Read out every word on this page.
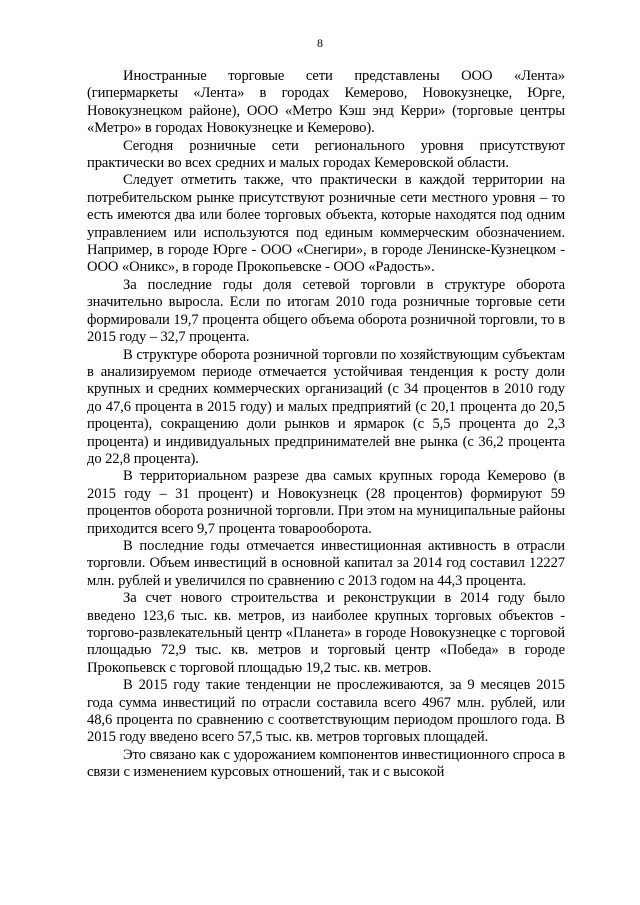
8

Иностранные торговые сети представлены ООО «Лента» (гипермаркеты «Лента» в городах Кемерово, Новокузнецке, Юрге, Новокузнецком районе), ООО «Метро Кэш энд Керри» (торговые центры «Метро» в городах Новокузнецке и Кемерово).

Сегодня розничные сети регионального уровня присутствуют практически во всех средних и малых городах Кемеровской области.

Следует отметить также, что практически в каждой территории на потребительском рынке присутствуют розничные сети местного уровня – то есть имеются два или более торговых объекта, которые находятся под одним управлением или используются под единым коммерческим обозначением. Например, в городе Юрге - ООО «Снегири», в городе Ленинске-Кузнецком - ООО «Оникс», в городе Прокопьевске - ООО «Радость».

За последние годы доля сетевой торговли в структуре оборота значительно выросла. Если по итогам 2010 года розничные торговые сети формировали 19,7 процента общего объема оборота розничной торговли, то в 2015 году – 32,7 процента.

В структуре оборота розничной торговли по хозяйствующим субъектам в анализируемом периоде отмечается устойчивая тенденция к росту доли крупных и средних коммерческих организаций (с 34 процентов в 2010 году до 47,6 процента в 2015 году) и малых предприятий (с 20,1 процента до 20,5 процента), сокращению доли рынков и ярмарок (с 5,5 процента до 2,3 процента) и индивидуальных предпринимателей вне рынка (с 36,2 процента до 22,8 процента).

В территориальном разрезе два самых крупных города Кемерово (в 2015 году – 31 процент) и Новокузнецк (28 процентов) формируют 59 процентов оборота розничной торговли. При этом на муниципальные районы приходится всего 9,7 процента товарооборота.

В последние годы отмечается инвестиционная активность в отрасли торговли. Объем инвестиций в основной капитал за 2014 год составил 12227 млн. рублей и увеличился по сравнению с 2013 годом на 44,3 процента.

За счет нового строительства и реконструкции в 2014 году было введено 123,6 тыс. кв. метров, из наиболее крупных торговых объектов - торгово-развлекательный центр «Планета» в городе Новокузнецке с торговой площадью 72,9 тыс. кв. метров и торговый центр «Победа» в городе Прокопьевск с торговой площадью 19,2 тыс. кв. метров.

В 2015 году такие тенденции не прослеживаются, за 9 месяцев 2015 года сумма инвестиций по отрасли составила всего 4967 млн. рублей, или 48,6 процента по сравнению с соответствующим периодом прошлого года. В 2015 году введено всего 57,5 тыс. кв. метров торговых площадей.

Это связано как с удорожанием компонентов инвестиционного спроса в связи с изменением курсовых отношений, так и с высокой
